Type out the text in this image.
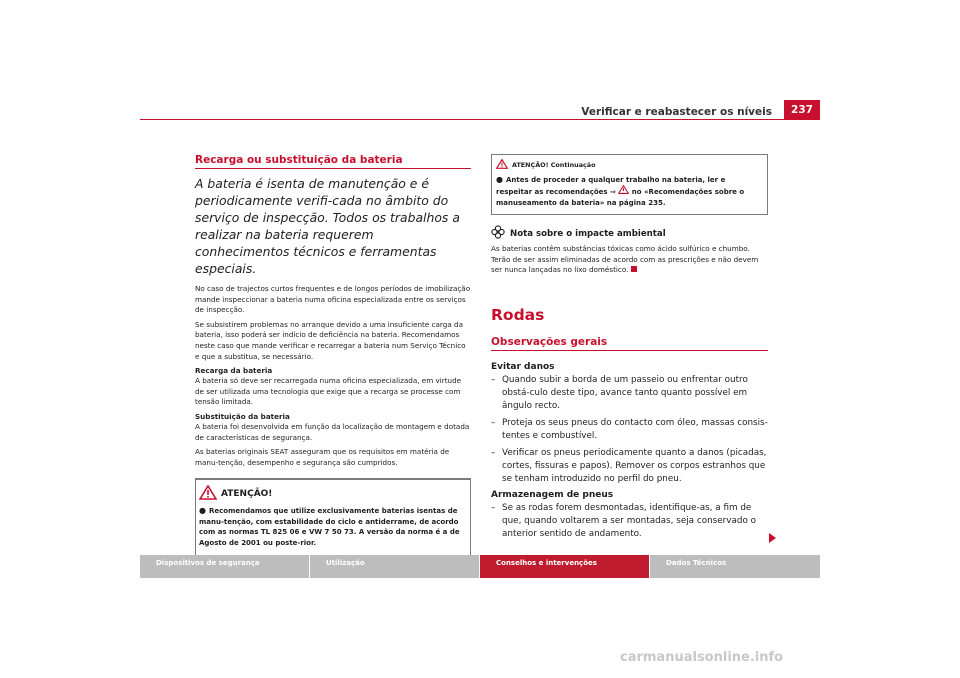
Verificar e reabastecer os níveis	237
Recarga ou substituição da bateria
A bateria é isenta de manutenção e é periodicamente verifi-cada no âmbito do serviço de inspecção. Todos os trabalhos a realizar na bateria requerem conhecimentos técnicos e ferramentas especiais.
No caso de trajectos curtos frequentes e de longos períodos de imobilização mande inspeccionar a bateria numa oficina especializada entre os serviços de inspecção.
Se subsistirem problemas no arranque devido a uma insuficiente carga da bateria, isso poderá ser indício de deficiência na bateria. Recomendamos neste caso que mande verificar e recarregar a bateria num Serviço Técnico e que a substitua, se necessário.
Recarga da bateria
A bateria só deve ser recarregada numa oficina especializada, em virtude de ser utilizada uma tecnologia que exige que a recarga se processe com tensão limitada.
Substituição da bateria
A bateria foi desenvolvida em função da localização de montagem e dotada de características de segurança.
As baterias originais SEAT asseguram que os requisitos em matéria de manu-tenção, desempenho e segurança são cumpridos.
ATENÇÃO!
● Recomendamos que utilize exclusivamente baterias isentas de manu-tenção, com estabilidade do ciclo e antiderrame, de acordo com as normas TL 825 06 e VW 7 50 73. A versão da norma é a de Agosto de 2001 ou poste-rior.
ATENÇÃO! Continuação
● Antes de proceder a qualquer trabalho na bateria, ler e respeitar as recomendações ⇒ no «Recomendações sobre o manuseamento da bateria» na página 235.
Nota sobre o impacte ambiental
As baterias contêm substâncias tóxicas como ácido sulfúrico e chumbo. Terão de ser assim eliminadas de acordo com as prescrições e não devem ser nunca lançadas no lixo doméstico.
Rodas
Observações gerais
Evitar danos
– Quando subir a borda de um passeio ou enfrentar outro obstá-culo deste tipo, avance tanto quanto possível em ângulo recto.
– Proteja os seus pneus do contacto com óleo, massas consis-tentes e combustível.
– Verificar os pneus periodicamente quanto a danos (picadas, cortes, fissuras e papos). Remover os corpos estranhos que se tenham introduzido no perfil do pneu.
Armazenagem de pneus
– Se as rodas forem desmontadas, identifique-as, a fim de que, quando voltarem a ser montadas, seja conservado o anterior sentido de andamento.
Dispositivos de segurança	Utilização	Conselhos e intervenções	Dados Técnicos
carmanualsonline.info
